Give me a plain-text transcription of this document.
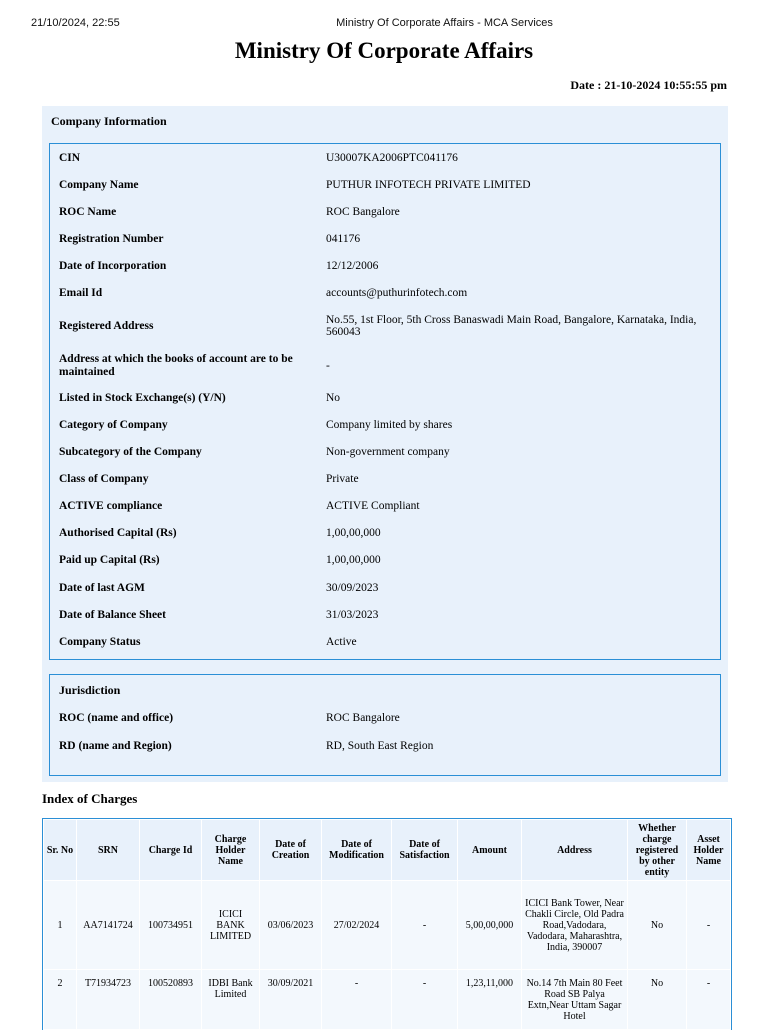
21/10/2024, 22:55	Ministry Of Corporate Affairs - MCA Services
Ministry Of Corporate Affairs
Date : 21-10-2024 10:55:55 pm
Company Information
CIN	U30007KA2006PTC041176
Company Name	PUTHUR INFOTECH PRIVATE LIMITED
ROC Name	ROC Bangalore
Registration Number	041176
Date of Incorporation	12/12/2006
Email Id	accounts@puthurinfotech.com
Registered Address	No.55, 1st Floor, 5th Cross Banaswadi Main Road, Bangalore, Karnataka, India, 560043
Address at which the books of account are to be maintained	-
Listed in Stock Exchange(s) (Y/N)	No
Category of Company	Company limited by shares
Subcategory of the Company	Non-government company
Class of Company	Private
ACTIVE compliance	ACTIVE Compliant
Authorised Capital (Rs)	1,00,00,000
Paid up Capital (Rs)	1,00,00,000
Date of last AGM	30/09/2023
Date of Balance Sheet	31/03/2023
Company Status	Active
Jurisdiction
ROC (name and office)	ROC Bangalore
RD (name and Region)	RD, South East Region
Index of Charges
Sr. No	SRN	Charge Id	Charge Holder Name	Date of Creation	Date of Modification	Date of Satisfaction	Amount	Address	Whether charge registered by other entity	Asset Holder Name
1	AA7141724	100734951	ICICI BANK LIMITED	03/06/2023	27/02/2024	-	5,00,00,000	ICICI Bank Tower, Near Chakli Circle, Old Padra Road,Vadodara, Vadodara, Maharashtra, India, 390007	No	-
2	T71934723	100520893	IDBI Bank Limited	30/09/2021	-	-	1,23,11,000	No.14 7th Main 80 Feet Road SB Palya Extn,Near Uttam Sagar Hotel	No	-
